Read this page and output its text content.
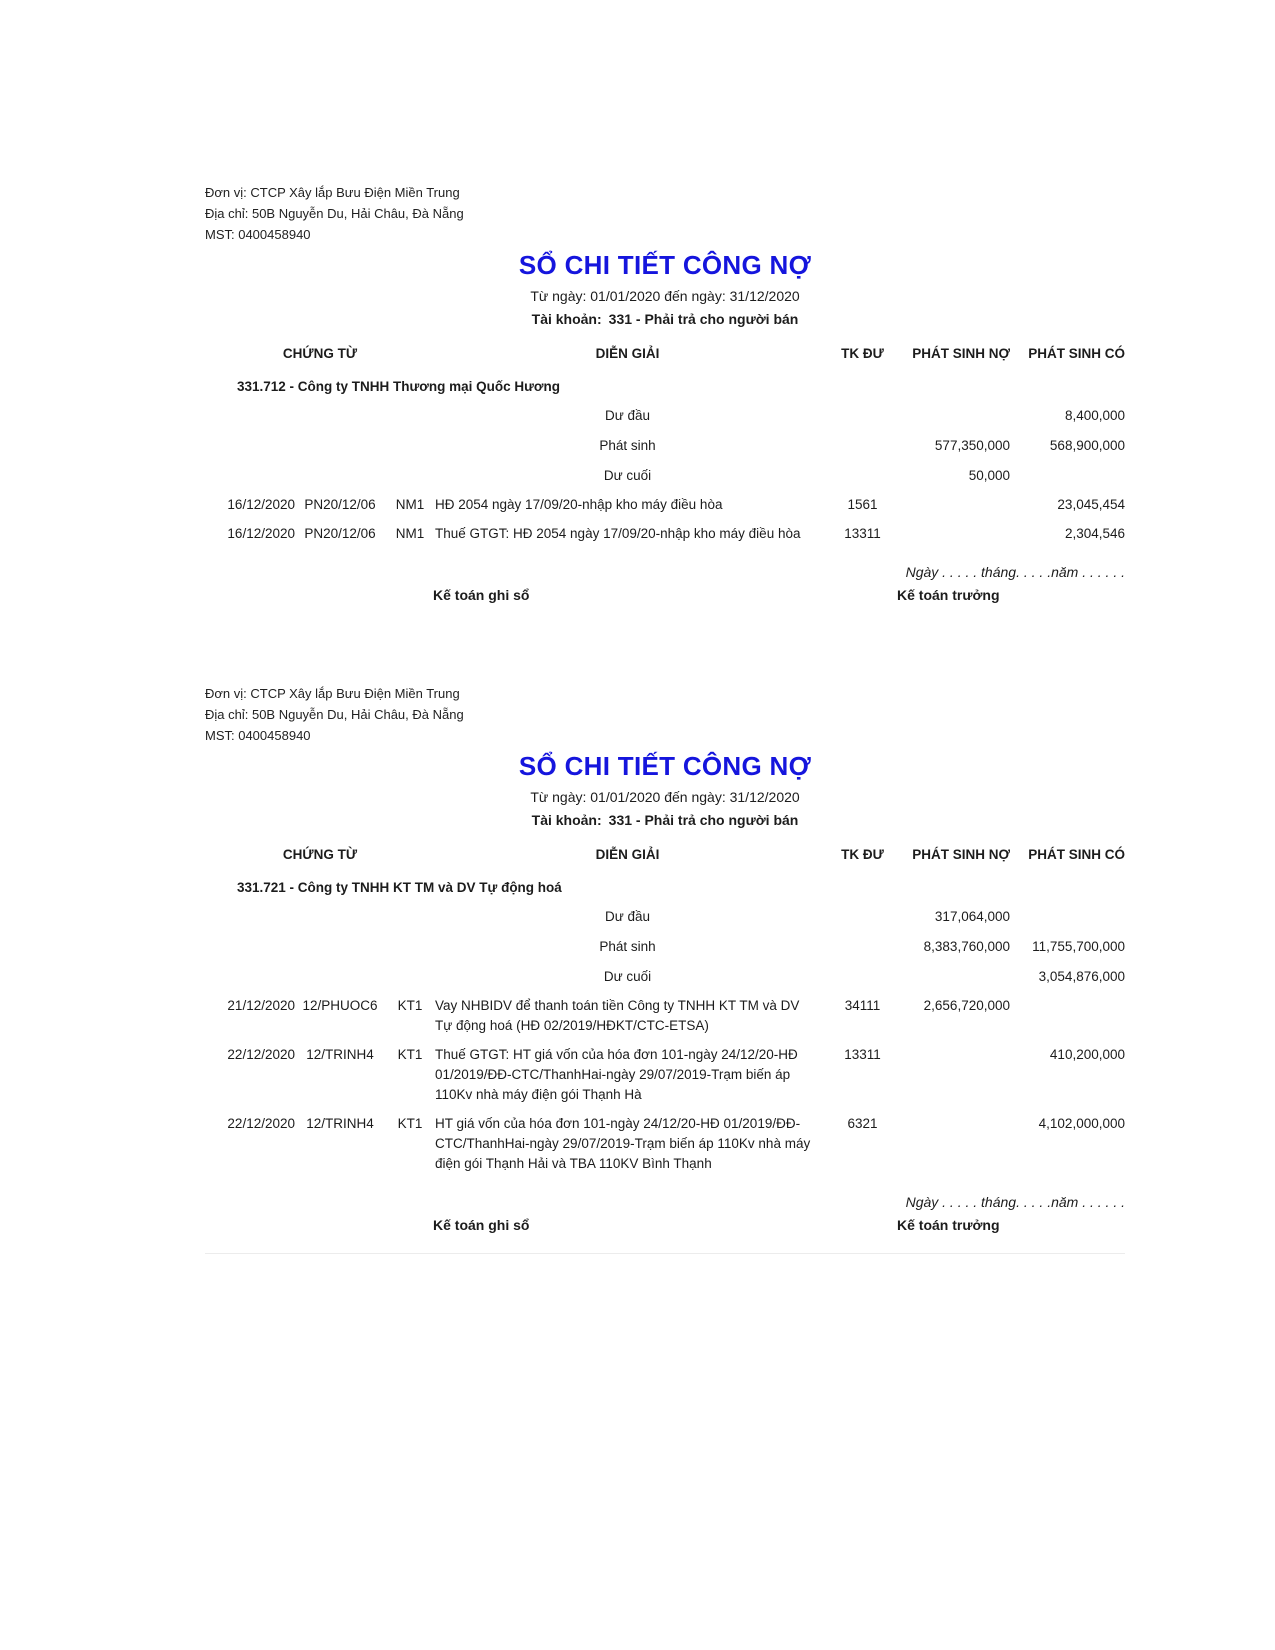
Đơn vị: CTCP Xây lắp Bưu Điện Miền Trung
Địa chỉ: 50B Nguyễn Du, Hải Châu, Đà Nẵng
MST: 0400458940
SỔ CHI TIẾT CÔNG NỢ
Từ ngày: 01/01/2020 đến ngày: 31/12/2020
Tài khoản: 331 - Phải trả cho người bán
CHỨNG TỪ			DIỄN GIẢI	TK ĐƯ	PHÁT SINH NỢ	PHÁT SINH CÓ
331.712 - Công ty TNHH Thương mại Quốc Hương						
			Dư đầu			8,400,000
			Phát sinh		577,350,000	568,900,000
			Dư cuối		50,000	
16/12/2020	PN20/12/06	NM1	HĐ 2054 ngày 17/09/20-nhập kho máy điều hòa	1561		23,045,454
16/12/2020	PN20/12/06	NM1	Thuế GTGT: HĐ 2054 ngày 17/09/20-nhập kho máy điều hòa	13311		2,304,546
Ngày . . . . . tháng. . . . .năm . . . . . .
Kế toán ghi sổ	Kế toán trưởng
Đơn vị: CTCP Xây lắp Bưu Điện Miền Trung
Địa chỉ: 50B Nguyễn Du, Hải Châu, Đà Nẵng
MST: 0400458940
SỔ CHI TIẾT CÔNG NỢ
Từ ngày: 01/01/2020 đến ngày: 31/12/2020
Tài khoản: 331 - Phải trả cho người bán
CHỨNG TỪ			DIỄN GIẢI	TK ĐƯ	PHÁT SINH NỢ	PHÁT SINH CÓ
331.721 - Công ty TNHH KT TM và DV Tự động hoá						
			Dư đầu		317,064,000	
			Phát sinh		8,383,760,000	11,755,700,000
			Dư cuối			3,054,876,000
21/12/2020	12/PHUOC6	KT1	Vay NHBIDV để thanh toán tiền Công ty TNHH KT TM và DV Tự động hoá (HĐ 02/2019/HĐKT/CTC-ETSA)	34111	2,656,720,000	
22/12/2020	12/TRINH4	KT1	Thuế GTGT: HT giá vốn của hóa đơn 101-ngày 24/12/20-HĐ 01/2019/ĐĐ-CTC/ThanhHai-ngày 29/07/2019-Trạm biến áp 110Kv nhà máy điện gói Thạnh Hà	13311		410,200,000
22/12/2020	12/TRINH4	KT1	HT giá vốn của hóa đơn 101-ngày 24/12/20-HĐ 01/2019/ĐĐ-CTC/ThanhHai-ngày 29/07/2019-Trạm biến áp 110Kv nhà máy điện gói Thạnh Hải và TBA 110KV Bình Thạnh	6321		4,102,000,000
Ngày . . . . . tháng. . . . .năm . . . . . .
Kế toán ghi sổ	Kế toán trưởng
